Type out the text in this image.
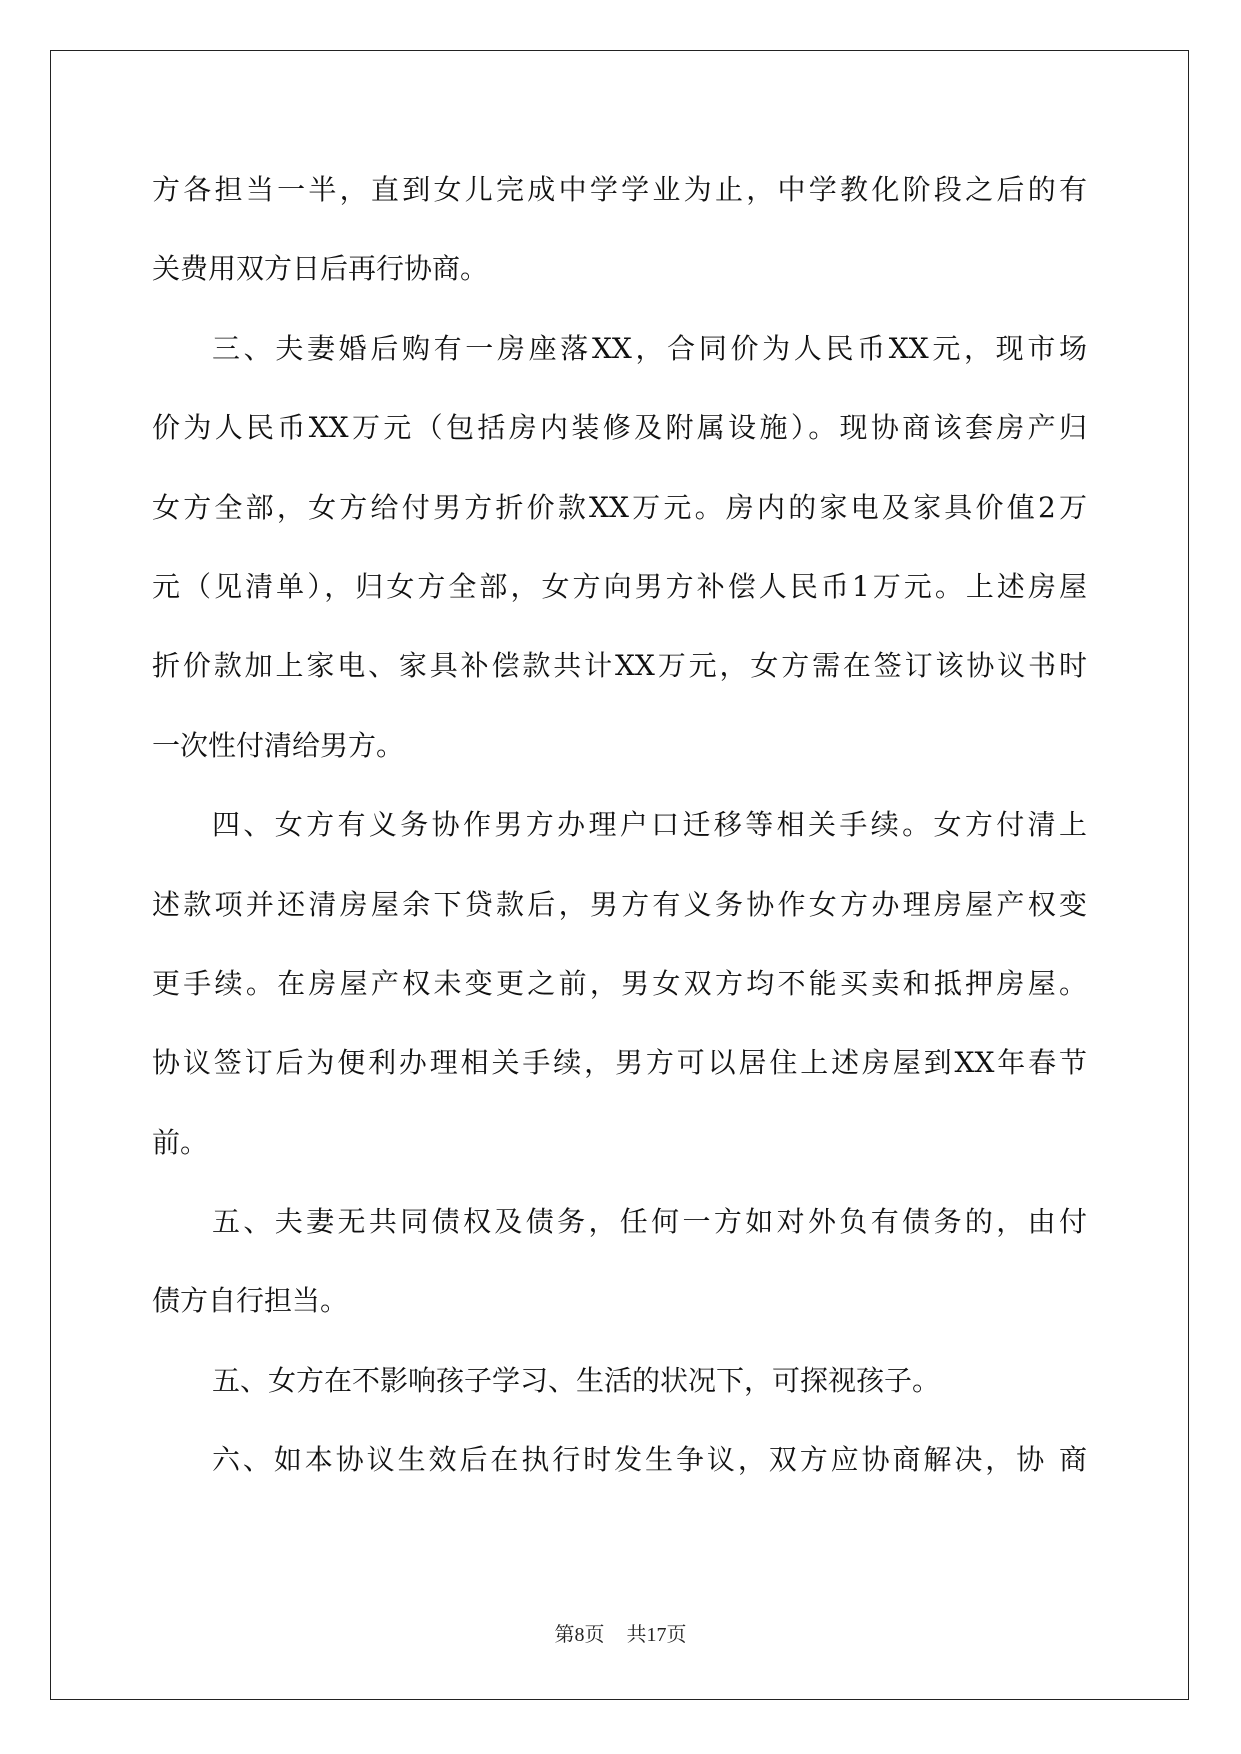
方各担当一半，直到女儿完成中学学业为止，中学教化阶段之后的有
关费用双方日后再行协商。
三、夫妻婚后购有一房座落XX，合同价为人民币XX元，现市场
价为人民币XX万元（包括房内装修及附属设施）。现协商该套房产归
女方全部，女方给付男方折价款XX万元。房内的家电及家具价值2万
元（见清单），归女方全部，女方向男方补偿人民币1万元。上述房屋
折价款加上家电、家具补偿款共计XX万元，女方需在签订该协议书时
一次性付清给男方。
四、女方有义务协作男方办理户口迁移等相关手续。女方付清上
述款项并还清房屋余下贷款后，男方有义务协作女方办理房屋产权变
更手续。在房屋产权未变更之前，男女双方均不能买卖和抵押房屋。
协议签订后为便利办理相关手续，男方可以居住上述房屋到XX年春节
前。
五、夫妻无共同债权及债务，任何一方如对外负有债务的，由付
债方自行担当。
五、女方在不影响孩子学习、生活的状况下，可探视孩子。
六、如本协议生效后在执行时发生争议，双方应协商解决，协 商
第8页 共17页
